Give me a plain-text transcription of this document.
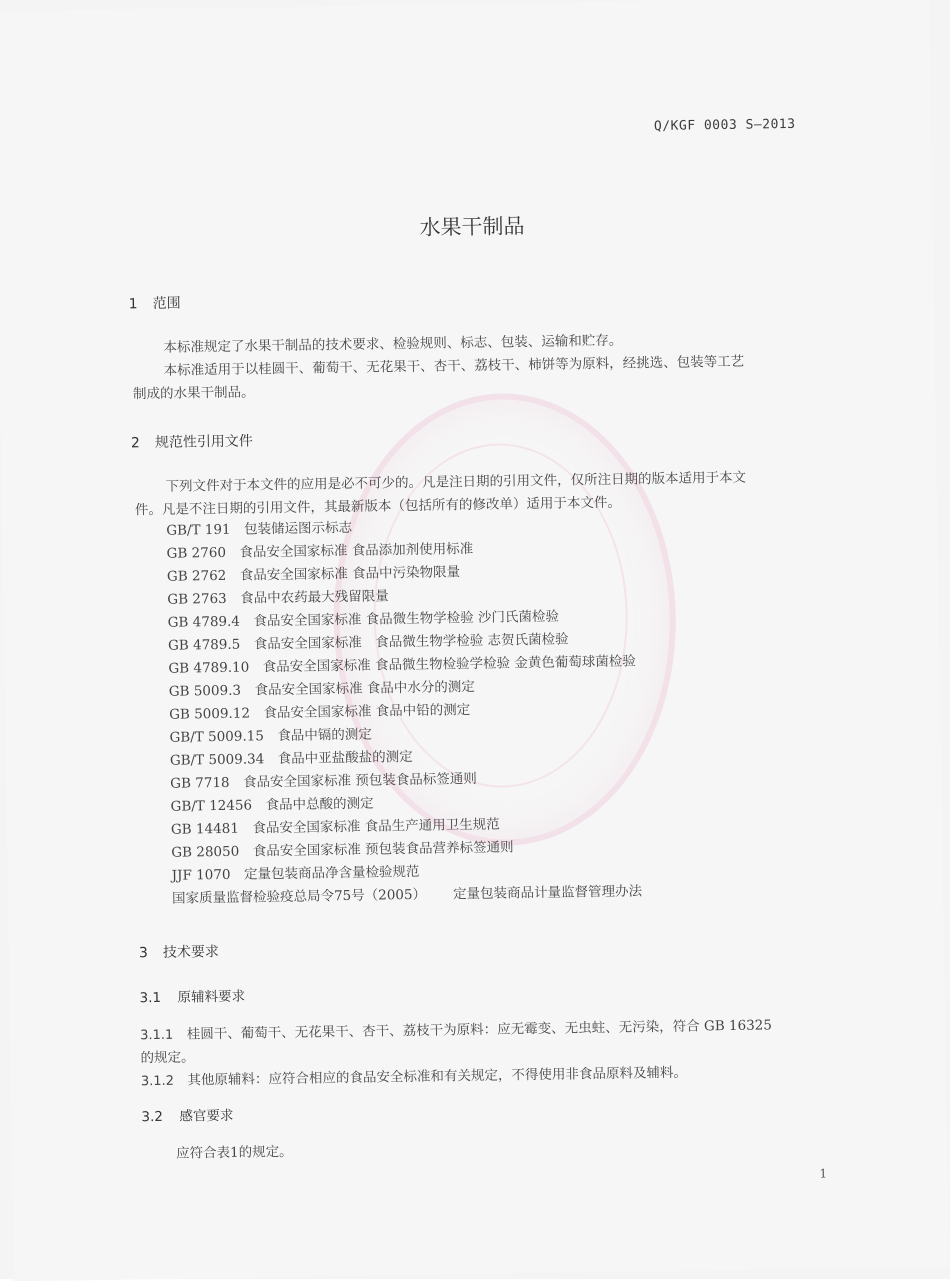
Q/KGF 0003 S—2013
水果干制品
1 范围
本标准规定了水果干制品的技术要求、检验规则、标志、包装、运输和贮存。
本标准适用于以桂圆干、葡萄干、无花果干、杏干、荔枝干、柿饼等为原料，经挑选、包装等工艺
制成的水果干制品。
2 规范性引用文件
下列文件对于本文件的应用是必不可少的。凡是注日期的引用文件，仅所注日期的版本适用于本文
件。凡是不注日期的引用文件，其最新版本（包括所有的修改单）适用于本文件。
GB/T 191　 包装储运图示标志
GB 2760　 食品安全国家标准 食品添加剂使用标准
GB 2762　 食品安全国家标准 食品中污染物限量
GB 2763　 食品中农药最大残留限量
GB 4789.4　 食品安全国家标准 食品微生物学检验 沙门氏菌检验
GB 4789.5　 食品安全国家标准　食品微生物学检验 志贺氏菌检验
GB 4789.10　 食品安全国家标准 食品微生物检验学检验 金黄色葡萄球菌检验
GB 5009.3　 食品安全国家标准 食品中水分的测定
GB 5009.12　 食品安全国家标准 食品中铅的测定
GB/T 5009.15　 食品中镉的测定
GB/T 5009.34　 食品中亚盐酸盐的测定
GB 7718　 食品安全国家标准 预包装食品标签通则
GB/T 12456　 食品中总酸的测定
GB 14481　 食品安全国家标准 食品生产通用卫生规范
GB 28050　 食品安全国家标准 预包装食品营养标签通则
JJF 1070　 定量包装商品净含量检验规范
国家质量监督检验疫总局令75号（2005）　　 定量包装商品计量监督管理办法
3 技术要求
3.1 原辅料要求
3.1.1　 桂圆干、葡萄干、无花果干、杏干、荔枝干为原料：应无霉变、无虫蛀、无污染，符合 GB 16325
的规定。
3.1.2　 其他原辅料：应符合相应的食品安全标准和有关规定，不得使用非食品原料及辅料。
3.2 感官要求
应符合表1的规定。
1
